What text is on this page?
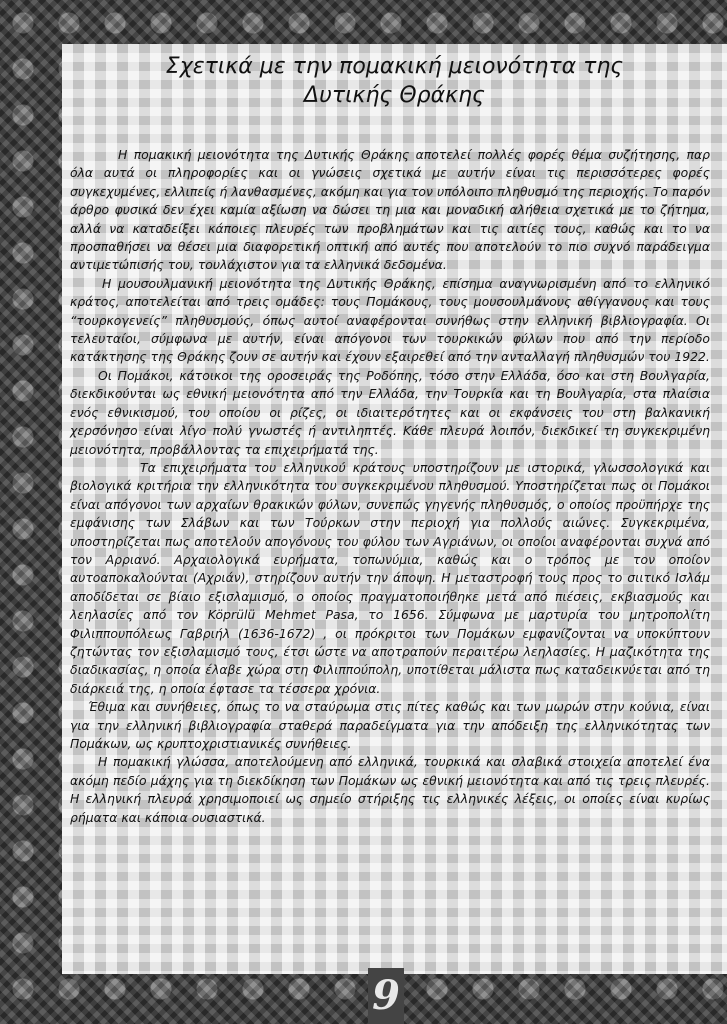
Σχετικά με την πομακική μειονότητα της
Δυτικής Θράκης

Η πομακική μειονότητα της Δυτικής Θράκης αποτελεί πολλές φορές θέμα συζήτησης, παρ όλα αυτά οι πληροφορίες και οι γνώσεις σχετικά με αυτήν είναι τις περισσότερες φορές συγκεχυμένες, ελλιπείς ή λανθασμένες, ακόμη και για τον υπόλοιπο πληθυσμό της περιοχής. Το παρόν άρθρο φυσικά δεν έχει καμία αξίωση να δώσει τη μια και μοναδική αλήθεια σχετικά με το ζήτημα, αλλά να καταδείξει κάποιες πλευρές των προβλημάτων και τις αιτίες τους, καθώς και το να προσπαθήσει να θέσει μια διαφορετική οπτική από αυτές που αποτελούν το πιο συχνό παράδειγμα αντιμετώπισής του, τουλάχιστον για τα ελληνικά δεδομένα.

Η μουσουλμανική μειονότητα της Δυτικής Θράκης, επίσημα αναγνωρισμένη από το ελληνικό κράτος, αποτελείται από τρεις ομάδες: τους Πομάκους, τους μουσουλμάνους αθίγγανους και τους “τουρκογενείς” πληθυσμούς, όπως αυτοί αναφέρονται συνήθως στην ελληνική βιβλιογραφία. Οι τελευταίοι, σύμφωνα με αυτήν, είναι απόγονοι των τουρκικών φύλων που από την περίοδο κατάκτησης της Θράκης ζουν σε αυτήν και έχουν εξαιρεθεί από την ανταλλαγή πληθυσμών του 1922.

Οι Πομάκοι, κάτοικοι της οροσειράς της Ροδόπης, τόσο στην Ελλάδα, όσο και στη Βουλγαρία, διεκδικούνται ως εθνική μειονότητα από την Ελλάδα, την Τουρκία και τη Βουλγαρία, στα πλαίσια ενός εθνικισμού, του οποίου οι ρίζες, οι ιδιαιτερότητες και οι εκφάνσεις του στη βαλκανική χερσόνησο είναι λίγο πολύ γνωστές ή αντιληπτές. Κάθε πλευρά λοιπόν, διεκδικεί τη συγκεκριμένη μειονότητα, προβάλλοντας τα επιχειρήματά της.

Τα επιχειρήματα του ελληνικού κράτους υποστηρίζουν με ιστορικά, γλωσσολογικά και βιολογικά κριτήρια την ελληνικότητα του συγκεκριμένου πληθυσμού. Υποστηρίζεται πως οι Πομάκοι είναι απόγονοι των αρχαίων θρακικών φύλων, συνεπώς γηγενής πληθυσμός, ο οποίος προϋπήρχε της εμφάνισης των Σλάβων και των Τούρκων στην περιοχή για πολλούς αιώνες. Συγκεκριμένα, υποστηρίζεται πως αποτελούν απογόνους του φύλου των Αγριάνων, οι οποίοι αναφέρονται συχνά από τον Αρριανό. Αρχαιολογικά ευρήματα, τοπωνύμια, καθώς και ο τρόπος με τον οποίον αυτοαποκαλούνται (Αχριάν), στηρίζουν αυτήν την άποψη. Η μεταστροφή τους προς το σιιτικό Ισλάμ αποδίδεται σε βίαιο εξισλαμισμό, ο οποίος πραγματοποιήθηκε μετά από πιέσεις, εκβιασμούς και λεηλασίες από τον Köprülü Mehmet Pasa, το 1656. Σύμφωνα με μαρτυρία του μητροπολίτη Φιλιππουπόλεως Γαβριήλ (1636-1672) , οι πρόκριτοι των Πομάκων εμφανίζονται να υποκύπτουν ζητώντας τον εξισλαμισμό τους, έτσι ώστε να αποτραπούν περαιτέρω λεηλασίες. Η μαζικότητα της διαδικασίας, η οποία έλαβε χώρα στη Φιλιππούπολη, υποτίθεται μάλιστα πως καταδεικνύεται από τη διάρκειά της, η οποία έφτασε τα τέσσερα χρόνια.

Έθιμα και συνήθειες, όπως το να σταύρωμα στις πίτες καθώς και των μωρών στην κούνια, είναι για την ελληνική βιβλιογραφία σταθερά παραδείγματα για την απόδειξη της ελληνικότητας των Πομάκων, ως κρυπτοχριστιανικές συνήθειες.

Η πομακική γλώσσα, αποτελούμενη από ελληνικά, τουρκικά και σλαβικά στοιχεία αποτελεί ένα ακόμη πεδίο μάχης για τη διεκδίκηση των Πομάκων ως εθνική μειονότητα και από τις τρεις πλευρές. Η ελληνική πλευρά χρησιμοποιεί ως σημείο στήριξης τις ελληνικές λέξεις, οι οποίες είναι κυρίως ρήματα και κάποια ουσιαστικά.

9
